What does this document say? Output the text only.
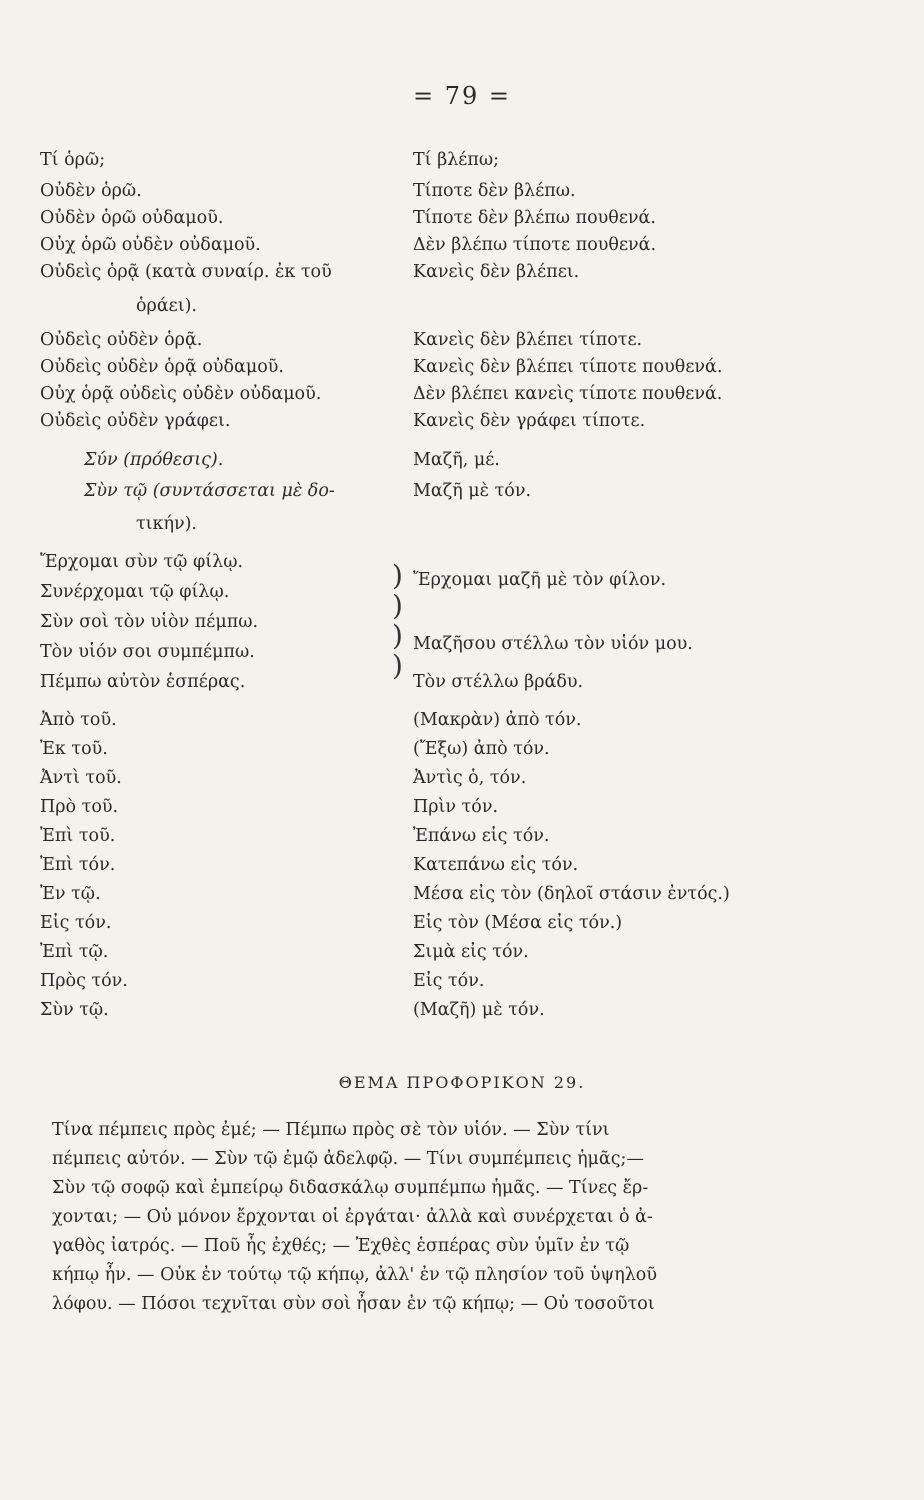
= 79 =
Τί ὁρῶ;
Οὐδὲν ὁρῶ.
Οὐδὲν ὁρῶ οὐδαμοῦ.
Οὐχ ὁρῶ οὐδὲν οὐδαμοῦ.
Οὐδεὶς ὁρᾷ (κατὰ συναίρ. ἐκ τοῦ
ὁράει).
Οὐδεὶς οὐδὲν ὁρᾷ.
Οὐδεὶς οὐδὲν ὁρᾷ οὐδαμοῦ.
Οὐχ ὁρᾷ οὐδεὶς οὐδὲν οὐδαμοῦ.
Οὐδεὶς οὐδὲν γράφει.
Σύν (πρόθεσις).
Σὺν τῷ (συντάσσεται μὲ δο-
τικήν).
Ἔρχομαι σὺν τῷ φίλῳ.
Συνέρχομαι τῷ φίλῳ.
Σὺν σοὶ τὸν υἱὸν πέμπω.
Τὸν υἱόν σοι συμπέμπω.
Πέμπω αὐτὸν ἑσπέρας.
Ἀπὸ τοῦ.
Ἐκ τοῦ.
Ἀντὶ τοῦ.
Πρὸ τοῦ.
Ἐπὶ τοῦ.
Ἐπὶ τόν.
Ἐν τῷ.
Εἰς τόν.
Ἐπὶ τῷ.
Πρὸς τόν.
Σὺν τῷ.
)
)
)
)
Τί βλέπω;
Τίποτε δὲν βλέπω.
Τίποτε δὲν βλέπω πουθενά.
Δὲν βλέπω τίποτε πουθενά.
Κανεὶς δὲν βλέπει.
Κανεὶς δὲν βλέπει τίποτε.
Κανεὶς δὲν βλέπει τίποτε πουθενά.
Δὲν βλέπει κανεὶς τίποτε πουθενά.
Κανεὶς δὲν γράφει τίποτε.
Μαζῆ, μέ.
Μαζῆ μὲ τόν.
Ἔρχομαι μαζῆ μὲ τὸν φίλον.
Μαζῆσου στέλλω τὸν υἱόν μου.
Τὸν στέλλω βράδυ.
(Μακρὰν) ἀπὸ τόν.
(Ἔξω) ἀπὸ τόν.
Ἀντὶς ὁ, τόν.
Πρὶν τόν.
Ἐπάνω εἰς τόν.
Κατεπάνω εἰς τόν.
Μέσα εἰς τὸν (δηλοῖ στάσιν ἐντός.)
Εἰς τὸν (Μέσα εἰς τόν.)
Σιμὰ εἰς τόν.
Εἰς τόν.
(Μαζῆ) μὲ τόν.
ΘΕΜΑ ΠΡΟΦΟΡΙΚΟΝ 29.
Τίνα πέμπεις πρὸς ἐμέ; — Πέμπω πρὸς σὲ τὸν υἱόν. — Σὺν τίνι
πέμπεις αὐτόν. — Σὺν τῷ ἐμῷ ἀδελφῷ. — Τίνι συμπέμπεις ἡμᾶς;—
Σὺν τῷ σοφῷ καὶ ἐμπείρῳ διδασκάλῳ συμπέμπω ἡμᾶς. — Τίνες ἔρ-
χονται; — Οὐ μόνον ἔρχονται οἱ ἐργάται· ἀλλὰ καὶ συνέρχεται ὁ ἀ-
γαθὸς ἰατρός. — Ποῦ ἦς ἐχθές; — Ἐχθὲς ἑσπέρας σὺν ὑμῖν ἐν τῷ
κήπῳ ἦν. — Οὐκ ἐν τούτῳ τῷ κήπῳ, ἀλλ' ἐν τῷ πλησίον τοῦ ὑψηλοῦ
λόφου. — Πόσοι τεχνῖται σὺν σοὶ ἦσαν ἐν τῷ κήπῳ; — Οὐ τοσοῦτοι
